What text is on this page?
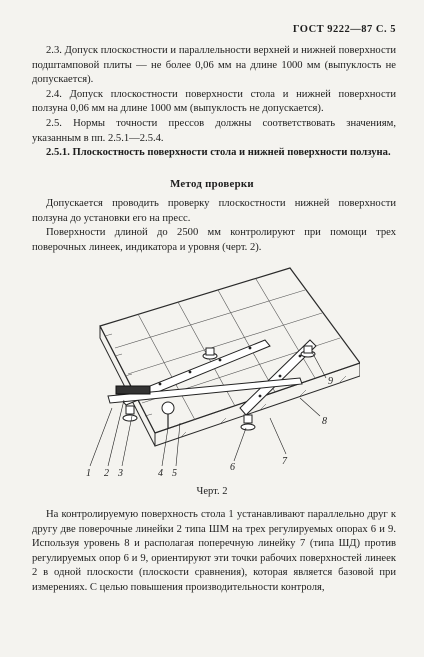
ГОСТ 9222—87 С. 5

2.3. Допуск плоскостности и параллельности верхней и нижней поверхности подштамповой плиты — не более 0,06 мм на длине 1000 мм (выпуклость не допускается).

2.4. Допуск плоскостности поверхности стола и нижней поверхности ползуна 0,06 мм на длине 1000 мм (выпуклость не допускается).

2.5. Нормы точности прессов должны соответствовать значениям, указанным в пп. 2.5.1—2.5.4.

2.5.1. Плоскостность поверхности стола и нижней поверхности ползуна.

Метод проверки

Допускается проводить проверку плоскостности нижней поверхности ползуна до установки его на пресс.

Поверхности длиной до 2500 мм контролируют при помощи трех поверочных линеек, индикатора и уровня (черт. 2).

1 2 3	4 5
6
7
8
9
Черт. 2

На контролируемую поверхность стола 1 устанавливают параллельно друг к другу две поверочные линейки 2 типа ШМ на трех регулируемых опорах 6 и 9. Используя уровень 8 и располагая поперечную линейку 7 (типа ШД) против регулируемых опор 6 и 9, ориентируют эти точки рабочих поверхностей линеек 2 в одной плоскости (плоскости сравнения), которая является базовой при измерениях. С целью повышения производительности контроля,
